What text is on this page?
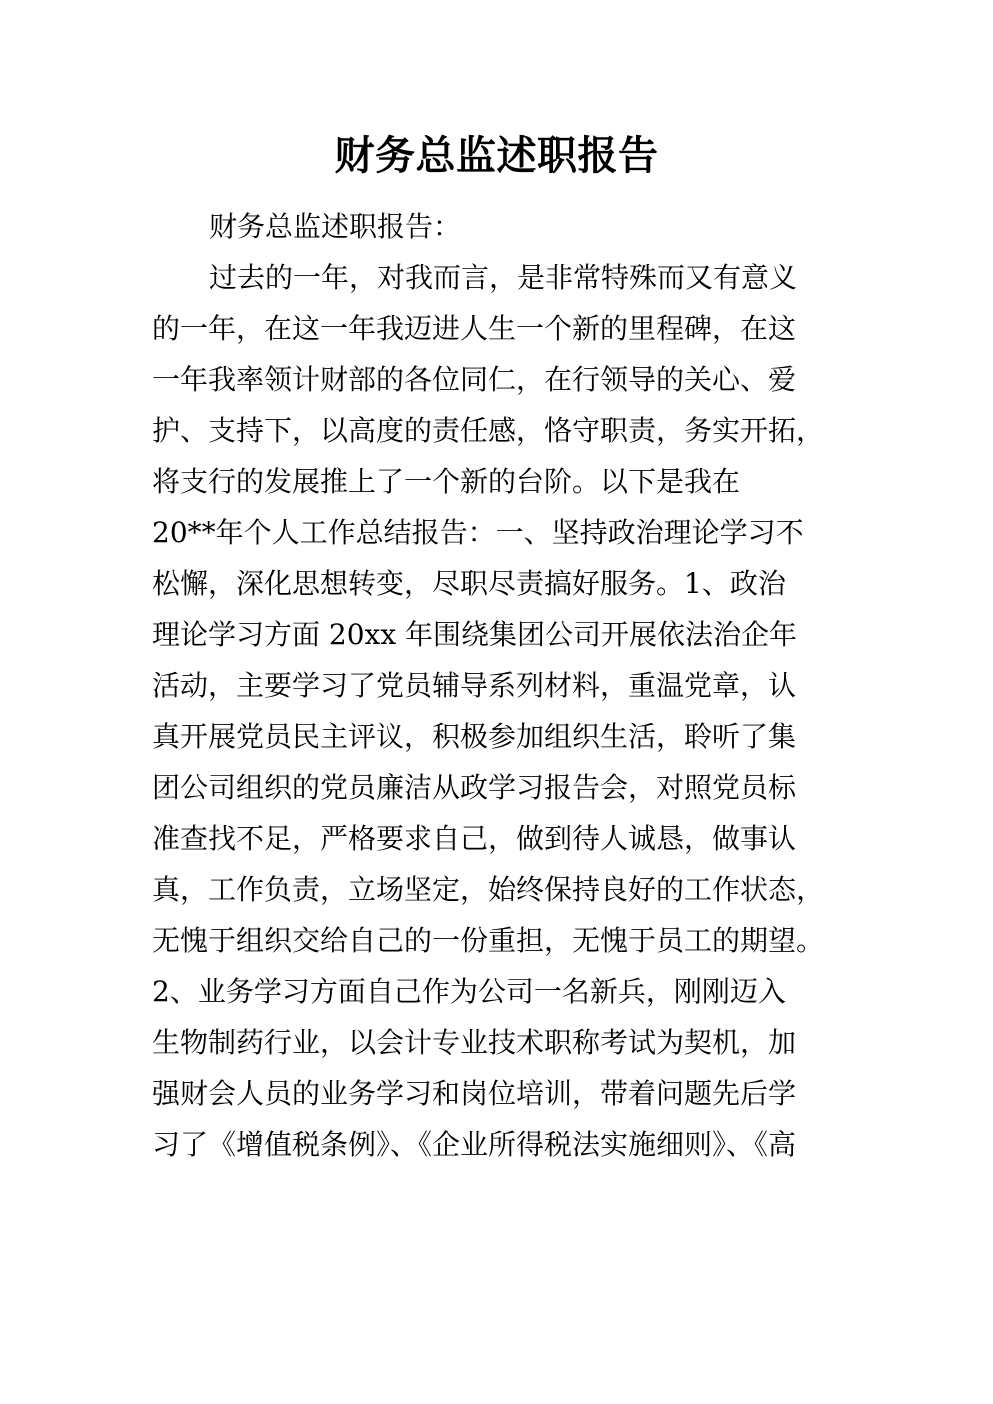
财务总监述职报告
财务总监述职报告：
过去的一年，对我而言，是非常特殊而又有意义
的一年，在这一年我迈进人生一个新的里程碑，在这
一年我率领计财部的各位同仁，在行领导的关心、爱
护、支持下，以高度的责任感，恪守职责，务实开拓，
将支行的发展推上了一个新的台阶。以下是我在
20**年个人工作总结报告：一、坚持政治理论学习不
松懈，深化思想转变，尽职尽责搞好服务。1、政治
理论学习方面 20xx 年围绕集团公司开展依法治企年
活动，主要学习了党员辅导系列材料，重温党章，认
真开展党员民主评议，积极参加组织生活，聆听了集
团公司组织的党员廉洁从政学习报告会，对照党员标
准查找不足，严格要求自己，做到待人诚恳，做事认
真，工作负责，立场坚定，始终保持良好的工作状态，
无愧于组织交给自己的一份重担，无愧于员工的期望。
2、业务学习方面自己作为公司一名新兵，刚刚迈入
生物制药行业，以会计专业技术职称考试为契机，加
强财会人员的业务学习和岗位培训，带着问题先后学
习了《增值税条例》、《企业所得税法实施细则》、《高
